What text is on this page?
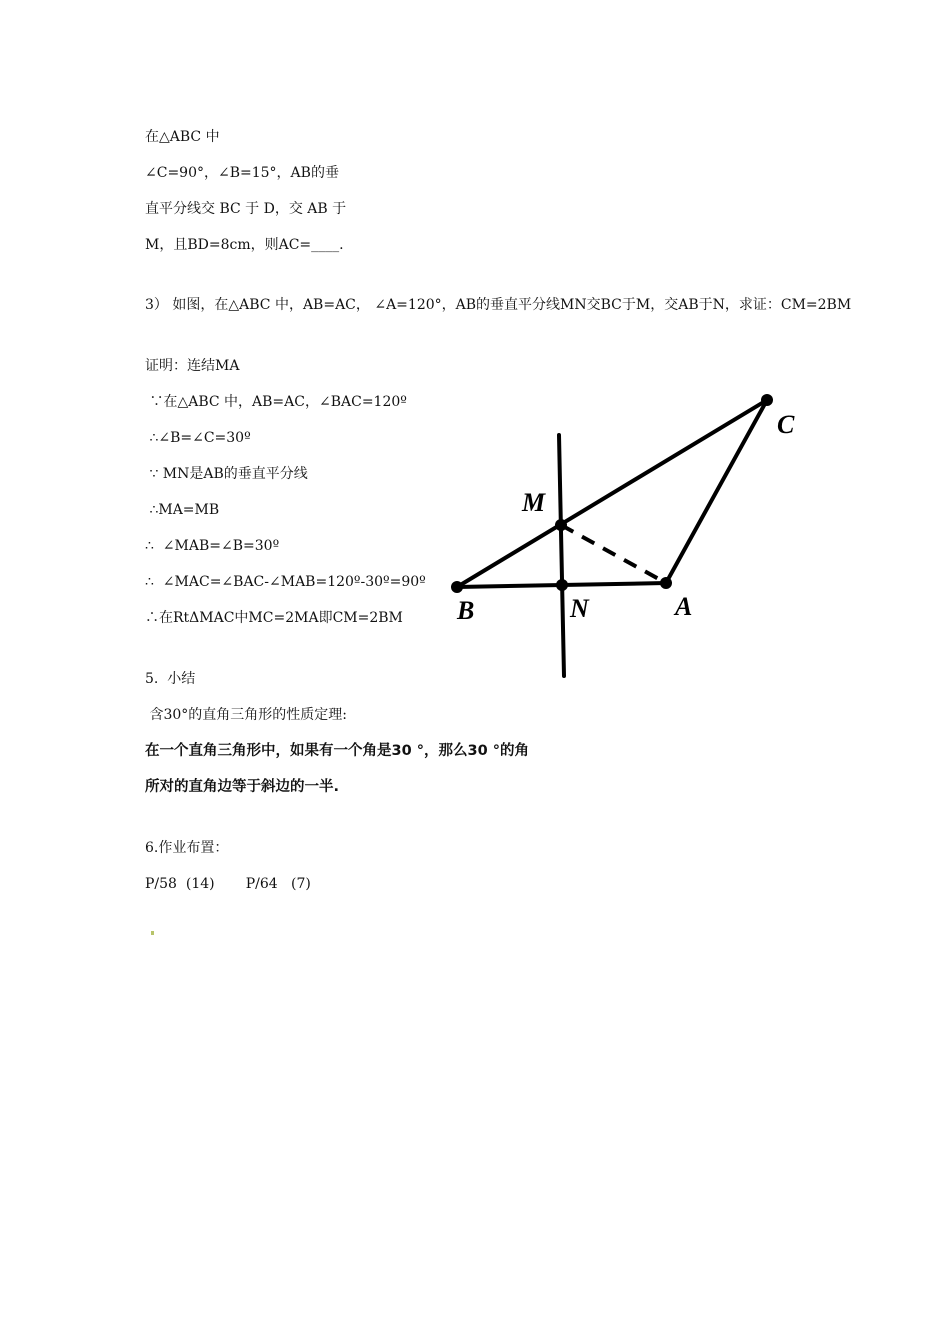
在△ABC 中
∠C=90°，∠B=15°，AB的垂
直平分线交 BC 于 D，交 AB 于
M，且BD=8cm，则AC=____.
3） 如图，在△ABC 中，AB=AC， ∠A=120°，AB的垂直平分线MN交BC于M，交AB于N，求证：CM=2BM
证明：连结MA
∵在△ABC 中，AB=AC，∠BAC=120º
∴∠B=∠C=30º
∵ MN是AB的垂直平分线
∴MA=MB
∴  ∠MAB=∠B=30º
∴  ∠MAC=∠BAC-∠MAB=120º-30º=90º
∴在RtΔMAC中MC=2MA即CM=2BM
M
C
B	N	A
5.  小结
含30°的直角三角形的性质定理:
在一个直角三角形中，如果有一个角是30 °，那么30 °的角
所对的直角边等于斜边的一半.
6.作业布置：
P/58  (14)       P/64   (7)
